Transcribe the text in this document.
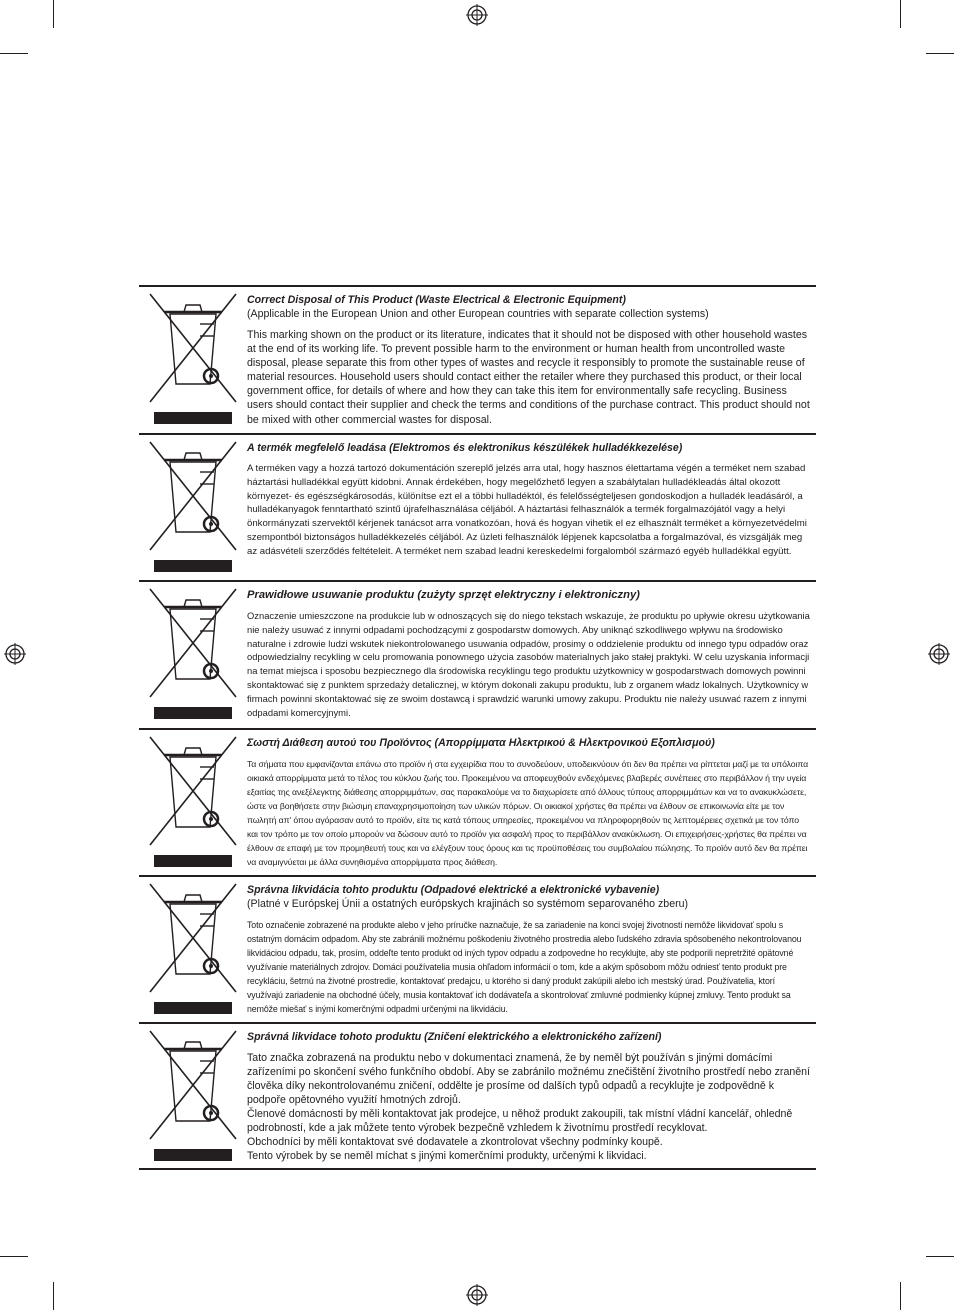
Correct Disposal of This Product (Waste Electrical & Electronic Equipment)
(Applicable in the European Union and other European countries with separate collection systems)
This marking shown on the product or its literature, indicates that it should not be disposed with other household wastes at the end of its working life. To prevent possible harm to the environment or human health from uncontrolled waste disposal, please separate this from other types of wastes and recycle it responsibly to promote the sustainable reuse of material resources. Household users should contact either the retailer where they purchased this product, or their local government office, for details of where and how they can take this item for environmentally safe recycling. Business users should contact their supplier and check the terms and conditions of the purchase contract. This product should not be mixed with other commercial wastes for disposal.
A termék megfelelő leadása (Elektromos és elektronikus készülékek hulladékkezelése)
A terméken vagy a hozzá tartozó dokumentáción szereplő jelzés arra utal, hogy hasznos élettartama végén a terméket nem szabad háztartási hulladékkal együtt kidobni. Annak érdekében, hogy megelőzhető legyen a szabálytalan hulladékleadás által okozott környezet- és egészségkárosodás, különítse ezt el a többi hulladéktól, és felelősségteljesen gondoskodjon a hulladék leadásáról, a hulladékanyagok fenntartható szintű újrafelhasználása céljából. A háztartási felhasználók a termék forgalmazójától vagy a helyi önkormányzati szervektől kérjenek tanácsot arra vonatkozóan, hová és hogyan vihetik el ez elhasznált terméket a környezetvédelmi szempontból biztonságos hulladékkezelés céljából. Az üzleti felhasználók lépjenek kapcsolatba a forgalmazóval, és vizsgálják meg az adásvételi szerződés feltételeit. A terméket nem szabad leadni kereskedelmi forgalomból származó egyéb hulladékkal együtt.
Prawidłowe usuwanie produktu (zużyty sprzęt elektryczny i elektroniczny)
Oznaczenie umieszczone na produkcie lub w odnoszących się do niego tekstach wskazuje, że produktu po upływie okresu użytkowania nie należy usuwać z innymi odpadami pochodzącymi z gospodarstw domowych. Aby uniknąć szkodliwego wpływu na środowisko naturalne i zdrowie ludzi wskutek niekontrolowanego usuwania odpadów, prosimy o oddzielenie produktu od innego typu odpadów oraz odpowiedzialny recykling w celu promowania ponownego użycia zasobów materialnych jako stałej praktyki. W celu uzyskania informacji na temat miejsca i sposobu bezpiecznego dla środowiska recyklingu tego produktu użytkownicy w gospodarstwach domowych powinni skontaktować się z punktem sprzedaży detalicznej, w którym dokonali zakupu produktu, lub z organem władz lokalnych. Użytkownicy w firmach powinni skontaktować się ze swoim dostawcą i sprawdzić warunki umowy zakupu. Produktu nie należy usuwać razem z innymi odpadami komercyjnymi.
Σωστή Διάθεση αυτού του Προϊόντος (Απορρίμματα Ηλεκτρικού & Ηλεκτρονικού Εξοπλισμού)
Τα σήματα που εμφανίζονται επάνω στο προϊόν ή στα εγχειρίδια που το συνοδεύουν, υποδεικνύουν ότι δεν θα πρέπει να ρίπτεται μαζί με τα υπόλοιπα οικιακά απορρίμματα μετά το τέλος του κύκλου ζωής του. Προκειμένου να αποφευχθούν ενδεχόμενες βλαβερές συνέπειες στο περιβάλλον ή την υγεία εξαιτίας της ανεξέλεγκτης διάθεσης απορριμμάτων, σας παρακαλούμε να το διαχωρίσετε από άλλους τύπους απορριμμάτων και να το ανακυκλώσετε, ώστε να βοηθήσετε στην βιώσιμη επαναχρησιμοποίηση των υλικών πόρων. Οι οικιακοί χρήστες θα πρέπει να έλθουν σε επικοινωνία είτε με τον πωλητή απ' όπου αγόρασαν αυτό το προϊόν, είτε τις κατά τόπους υπηρεσίες, προκειμένου να πληροφορηθούν τις λεπτομέρειες σχετικά με τον τόπο και τον τρόπο με τον οποίο μπορούν να δώσουν αυτό το προϊόν για ασφαλή προς το περιβάλλον ανακύκλωση. Οι επιχειρήσεις-χρήστες θα πρέπει να έλθουν σε επαφή με τον προμηθευτή τους και να ελέγξουν τους όρους και τις προϋποθέσεις του συμβολαίου πώλησης. Το προϊόν αυτό δεν θα πρέπει να αναμιγνύεται με άλλα συνηθισμένα απορρίμματα προς διάθεση.
Správna likvidácia tohto produktu (Odpadové elektrické a elektronické vybavenie)
(Platné v Európskej Únii a ostatných európskych krajinách so systémom separovaného zberu)
Toto označenie zobrazené na produkte alebo v jeho príručke naznačuje, že sa zariadenie na konci svojej životnosti nemôže likvidovať spolu s ostatným domácim odpadom. Aby ste zabránili možnému poškodeniu životného prostredia alebo ľudského zdravia spôsobeného nekontrolovanou likvidáciou odpadu, tak, prosím, oddeľte tento produkt od iných typov odpadu a zodpovedne ho recyklujte, aby ste podporili nepretržité opätovné využívanie materiálnych zdrojov. Domáci používatelia musia ohľadom informácií o tom, kde a akým spôsobom môžu odniesť tento produkt pre recykláciu, šetrnú na životné prostredie, kontaktovať predajcu, u ktorého si daný produkt zakúpili alebo ich mestský úrad. Používatelia, ktorí využívajú zariadenie na obchodné účely, musia kontaktovať ich dodávateľa a skontrolovať zmluvné podmienky kúpnej zmluvy. Tento produkt sa nemôže miešať s inými komerčnými odpadmi určenými na likvidáciu.
Správná likvidace tohoto produktu (Zničení elektrického a elektronického zařízení)
Tato značka zobrazená na produktu nebo v dokumentaci znamená, že by neměl být používán s jinými domácími zařízeními po skončení svého funkčního období. Aby se zabránilo možnému znečištění životního prostředí nebo zranění člověka díky nekontrolovanému zničení, oddělte je prosíme od dalších typů odpadů a recyklujte je zodpovědně k podpoře opětovného využití hmotných zdrojů.
Členové domácnosti by měli kontaktovat jak prodejce, u něhož produkt zakoupili, tak místní vládní kancelář, ohledně podrobností, kde a jak můžete tento výrobek bezpečně vzhledem k životnímu prostředí recyklovat.
Obchodníci by měli kontaktovat své dodavatele a zkontrolovat všechny podmínky koupě.
Tento výrobek by se neměl míchat s jinými komerčními produkty, určenými k likvidaci.
